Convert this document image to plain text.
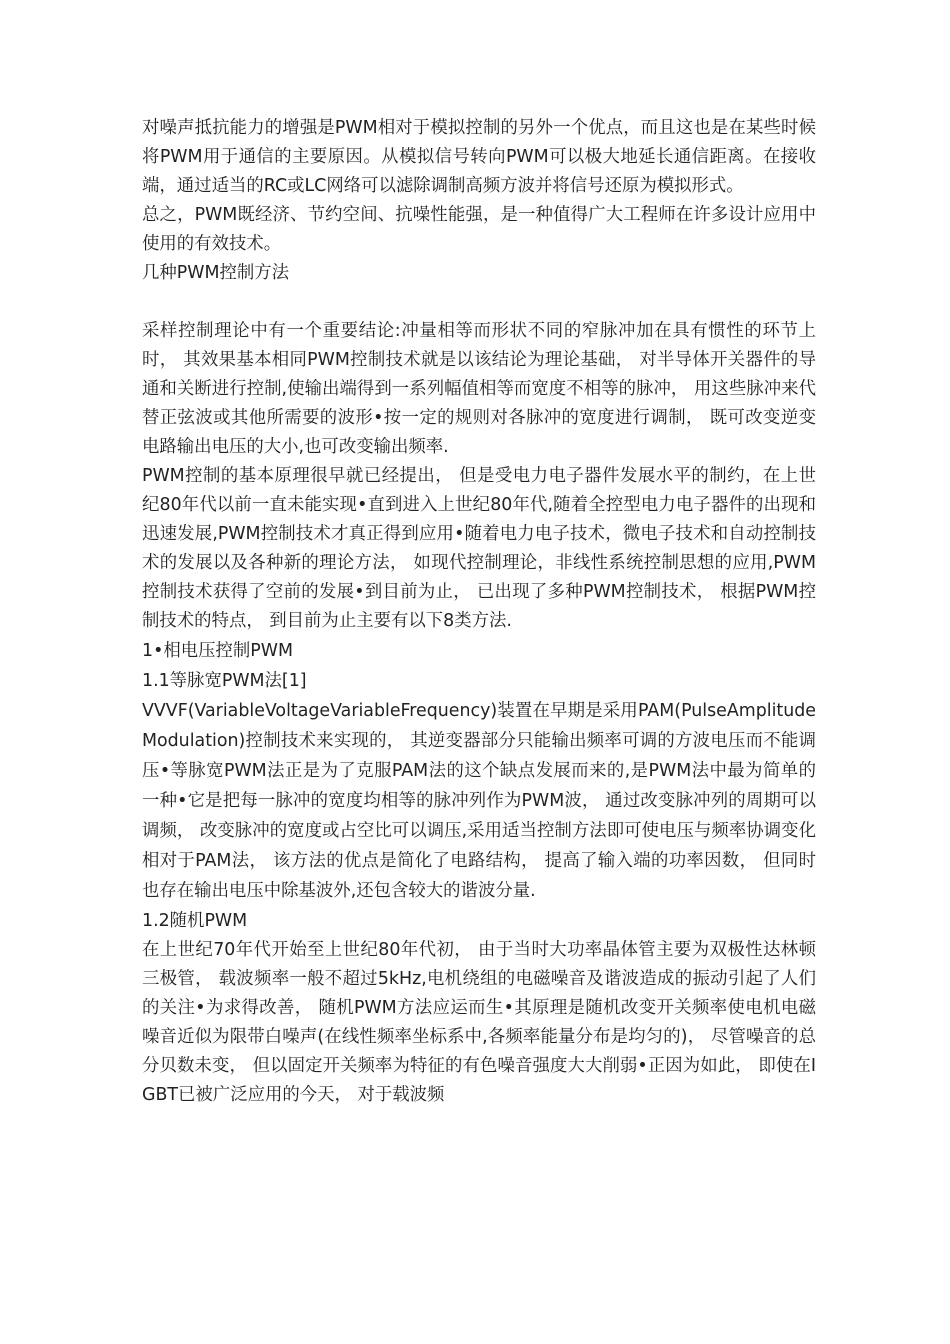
对噪声抵抗能力的增强是PWM相对于模拟控制的另外一个优点，而且这也是在某些时候将PWM用于通信的主要原因。从模拟信号转向PWM可以极大地延长通信距离。在接收端，通过适当的RC或LC网络可以滤除调制高频方波并将信号还原为模拟形式。

总之，PWM既经济、节约空间、抗噪性能强，是一种值得广大工程师在许多设计应用中使用的有效技术。

几种PWM控制方法

采样控制理论中有一个重要结论:冲量相等而形状不同的窄脉冲加在具有惯性的环节上时， 其效果基本相同PWM控制技术就是以该结论为理论基础， 对半导体开关器件的导通和关断进行控制,使输出端得到一系列幅值相等而宽度不相等的脉冲， 用这些脉冲来代替正弦波或其他所需要的波形•按一定的规则对各脉冲的宽度进行调制， 既可改变逆变电路输出电压的大小,也可改变输出频率.

PWM控制的基本原理很早就已经提出， 但是受电力电子器件发展水平的制约，在上世纪80年代以前一直未能实现•直到进入上世纪80年代,随着全控型电力电子器件的出现和迅速发展,PWM控制技术才真正得到应用•随着电力电子技术，微电子技术和自动控制技术的发展以及各种新的理论方法， 如现代控制理论，非线性系统控制思想的应用,PWM控制技术获得了空前的发展•到目前为止， 已出现了多种PWM控制技术， 根据PWM控制技术的特点， 到目前为止主要有以下8类方法.

1•相电压控制PWM

1.1等脉宽PWM法[1]

VVVF(VariableVoltageVariableFrequency)装置在早期是采用PAM(PulseAmplitudeModulation)控制技术来实现的， 其逆变器部分只能输出频率可调的方波电压而不能调压•等脉宽PWM法正是为了克服PAM法的这个缺点发展而来的,是PWM法中最为简单的一种•它是把每一脉冲的宽度均相等的脉冲列作为PWM波， 通过改变脉冲列的周期可以调频， 改变脉冲的宽度或占空比可以调压,采用适当控制方法即可使电压与频率协调变化相对于PAM法， 该方法的优点是简化了电路结构， 提高了输入端的功率因数， 但同时也存在输出电压中除基波外,还包含较大的谐波分量.

1.2随机PWM

在上世纪70年代开始至上世纪80年代初， 由于当时大功率晶体管主要为双极性达林顿三极管， 载波频率一般不超过5kHz,电机绕组的电磁噪音及谐波造成的振动引起了人们的关注•为求得改善， 随机PWM方法应运而生•其原理是随机改变开关频率使电机电磁噪音近似为限带白噪声(在线性频率坐标系中,各频率能量分布是均匀的)， 尽管噪音的总分贝数未变， 但以固定开关频率为特征的有色噪音强度大大削弱•正因为如此， 即使在IGBT已被广泛应用的今天， 对于载波频
